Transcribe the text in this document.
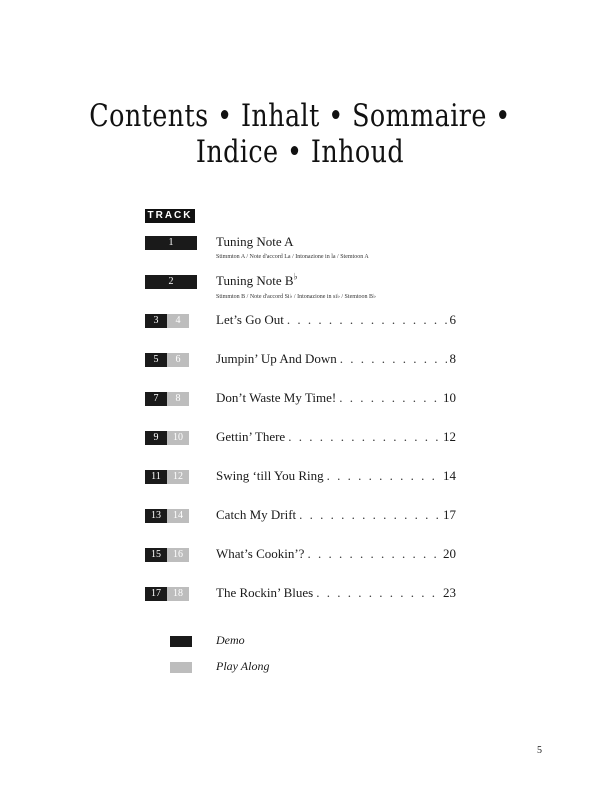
Contents • Inhalt • Sommaire • Indice • Inhoud
TRACK
1	Tuning Note A
Stimmton A / Note d'accord La / Intonazione in la / Stemtoon A
2	Tuning Note B♭
Stimmton B / Note d'accord Si♭ / Intonazione in si♭ / Stemtoon B♭
3	4	Let’s Go Out . . .	6
5	6	Jumpin’ Up And Down . . .	8
7	8	Don’t Waste My Time! . . .	10
9	10	Gettin’ There . . .	12
11	12	Swing ‘till You Ring . . .	14
13	14	Catch My Drift . . .	17
15	16	What’s Cookin’? . . .	20
17	18	The Rockin’ Blues . . .	23
Demo
Play Along
5
